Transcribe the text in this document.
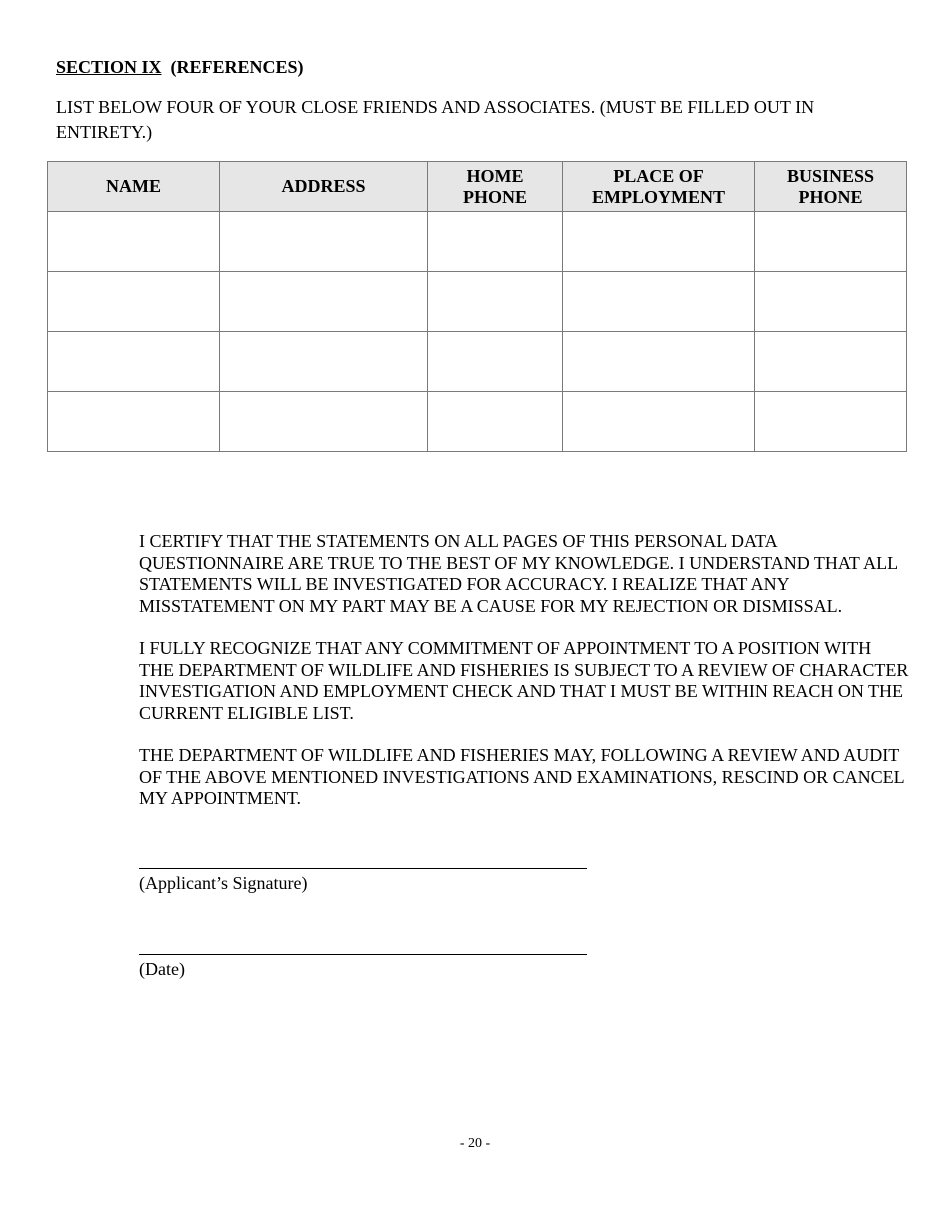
SECTION IX (REFERENCES)
LIST BELOW FOUR OF YOUR CLOSE FRIENDS AND ASSOCIATES. (MUST BE FILLED OUT IN ENTIRETY.)
NAME	ADDRESS	HOME PHONE	PLACE OF EMPLOYMENT	BUSINESS PHONE

I CERTIFY THAT THE STATEMENTS ON ALL PAGES OF THIS PERSONAL DATA QUESTIONNAIRE ARE TRUE TO THE BEST OF MY KNOWLEDGE. I UNDERSTAND THAT ALL STATEMENTS WILL BE INVESTIGATED FOR ACCURACY. I REALIZE THAT ANY MISSTATEMENT ON MY PART MAY BE A CAUSE FOR MY REJECTION OR DISMISSAL.
I FULLY RECOGNIZE THAT ANY COMMITMENT OF APPOINTMENT TO A POSITION WITH THE DEPARTMENT OF WILDLIFE AND FISHERIES IS SUBJECT TO A REVIEW OF CHARACTER INVESTIGATION AND EMPLOYMENT CHECK AND THAT I MUST BE WITHIN REACH ON THE CURRENT ELIGIBLE LIST.
THE DEPARTMENT OF WILDLIFE AND FISHERIES MAY, FOLLOWING A REVIEW AND AUDIT OF THE ABOVE MENTIONED INVESTIGATIONS AND EXAMINATIONS, RESCIND OR CANCEL MY APPOINTMENT.
(Applicant’s Signature)
(Date)
- 20 -
